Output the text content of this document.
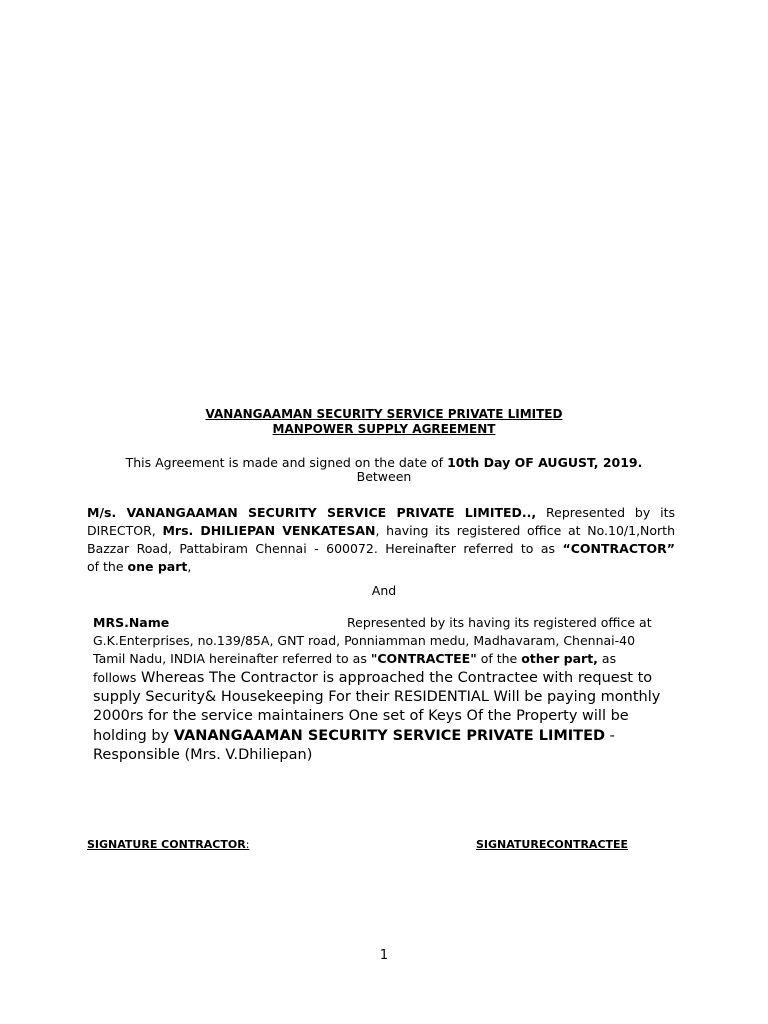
VANANGAAMAN SECURITY SERVICE PRIVATE LIMITED

MANPOWER SUPPLY AGREEMENT

This Agreement is made and signed on the date of 10th Day OF AUGUST, 2019.

Between

M/s. VANANGAAMAN SECURITY SERVICE PRIVATE LIMITED.., Represented by its
DIRECTOR, Mrs. DHILIEPAN VENKATESAN, having its registered office at No.10/1,North
Bazzar Road, Pattabiram Chennai - 600072. Hereinafter referred to as “CONTRACTOR”
of the one part,

And

MRS.Name	Represented by its having its registered office at

G.K.Enterprises, no.139/85A, GNT road, Ponniamman medu, Madhavaram, Chennai-40

Tamil Nadu, INDIA hereinafter referred to as "CONTRACTEE" of the other part, as

follows Whereas The Contractor is approached the Contractee with request to

supply Security& Housekeeping For their RESIDENTIAL Will be paying monthly

2000rs for the service maintainers One set of Keys Of the Property will be

holding by VANANGAAMAN SECURITY SERVICE PRIVATE LIMITED -

Responsible (Mrs. V.Dhiliepan)

SIGNATURE CONTRACTOR:	SIGNATURECONTRACTEE

1
